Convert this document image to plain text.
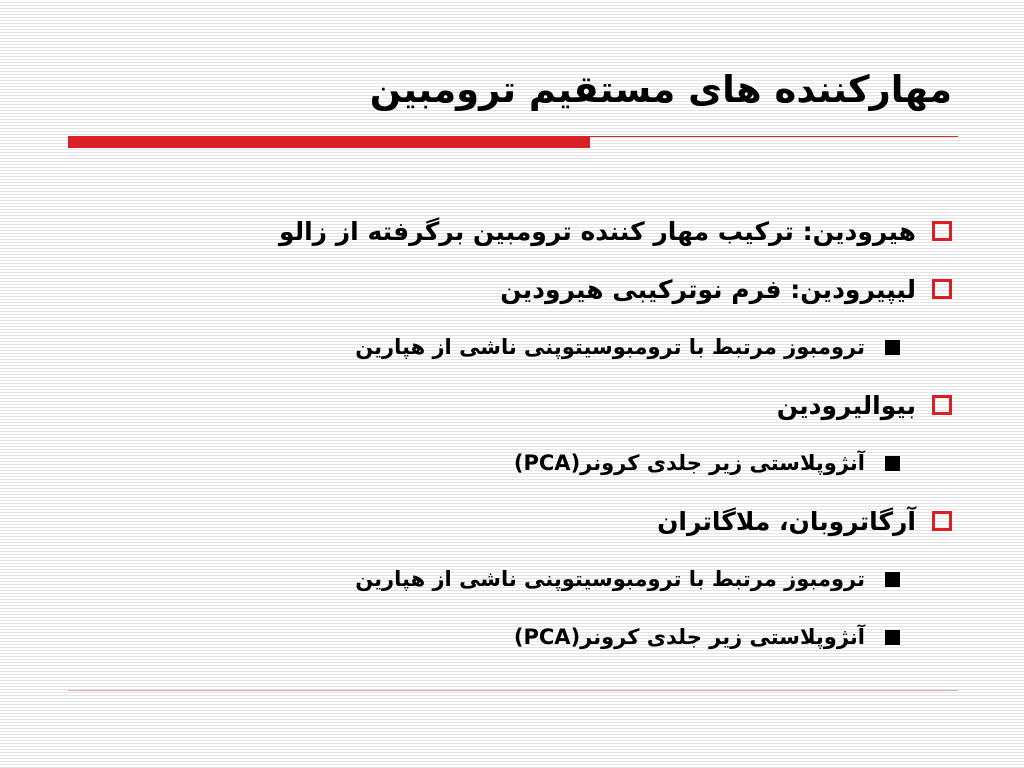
مهارکننده های مستقیم ترومبین
هیرودین: ترکیب مهار کننده ترومبین برگرفته از زالو
لیپیرودین: فرم نوترکیبی هیرودین
ترومبوز مرتبط با ترومبوسیتوپنی ناشی از هپارین
بیوالیرودین
آنژوپلاستی زیر جلدی کرونر(PCA)
آرگاتروبان، ملاگاتران
ترومبوز مرتبط با ترومبوسیتوپنی ناشی از هپارین
آنژوپلاستی زیر جلدی کرونر(PCA)
